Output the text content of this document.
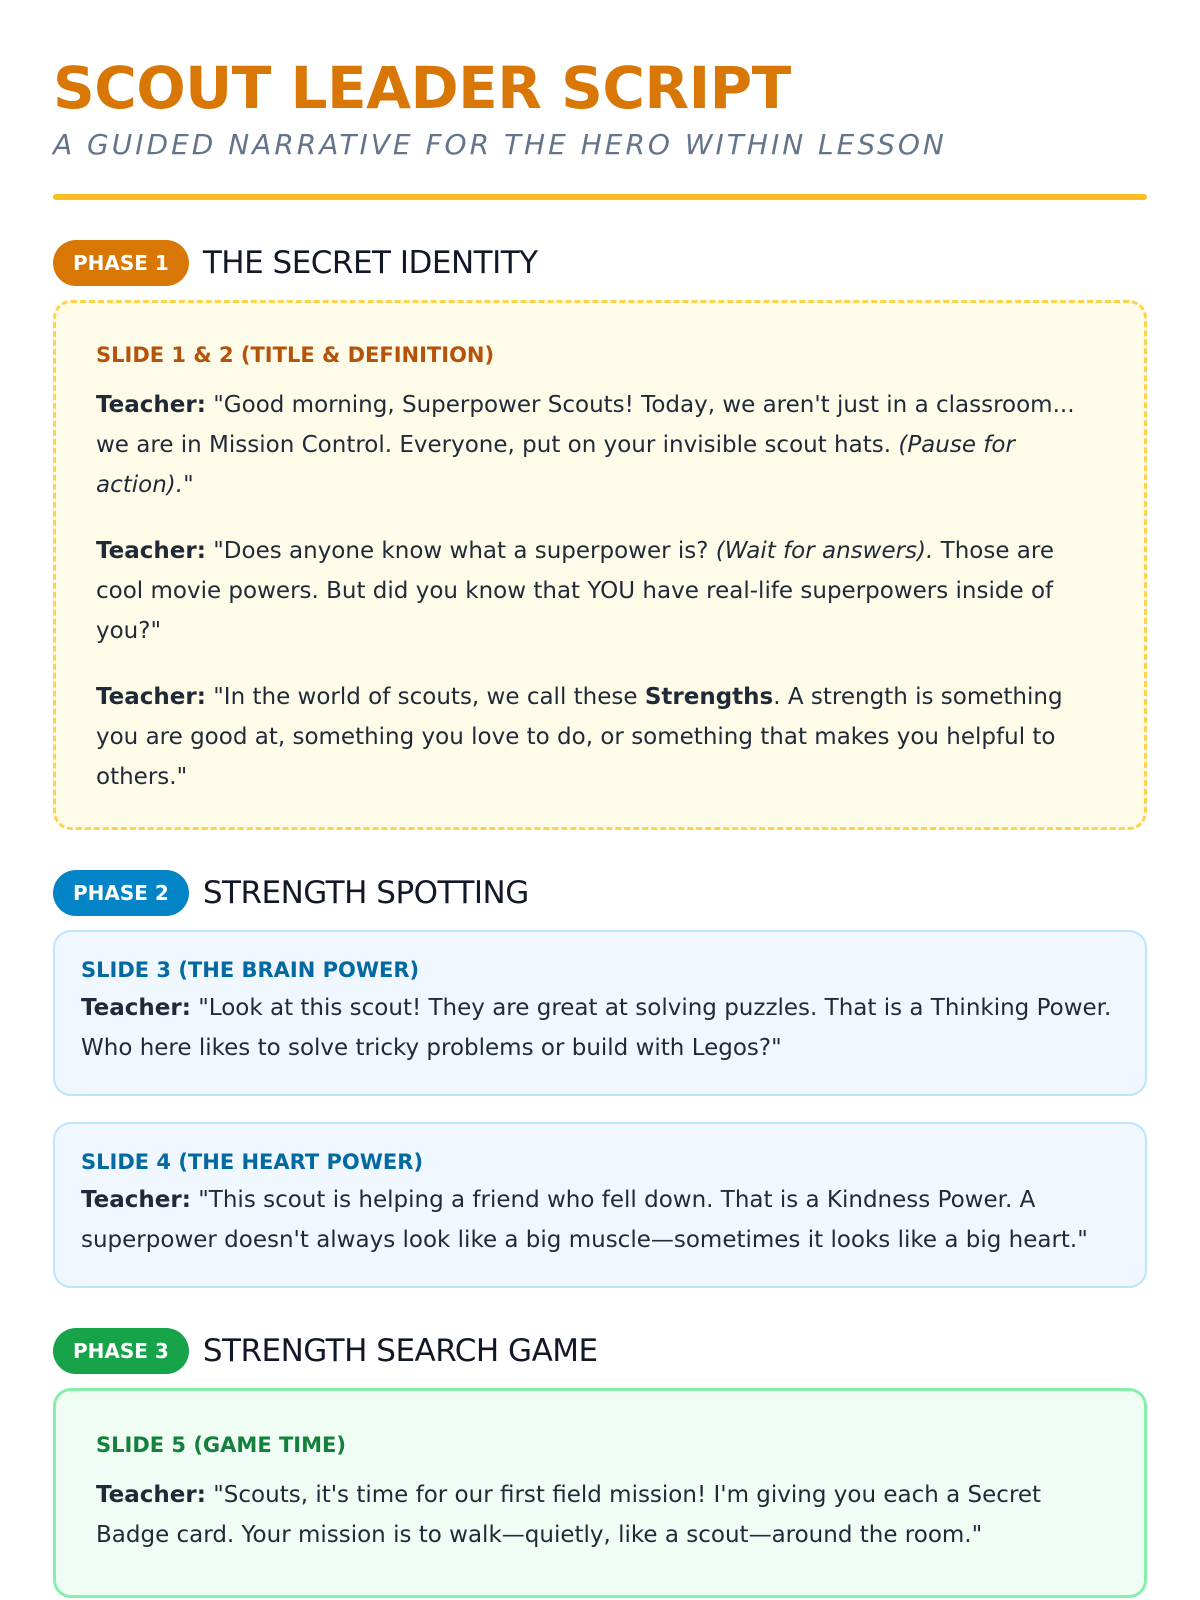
SCOUT LEADER SCRIPT

A GUIDED NARRATIVE FOR THE HERO WITHIN LESSON

PHASE 1	THE SECRET IDENTITY
SLIDE 1 & 2 (TITLE & DEFINITION)

Teacher: "Good morning, Superpower Scouts! Today, we aren't just in a classroom... we are in Mission Control. Everyone, put on your invisible scout hats. (Pause for action)."

Teacher: "Does anyone know what a superpower is? (Wait for answers). Those are cool movie powers. But did you know that YOU have real-life superpowers inside of you?"

Teacher: "In the world of scouts, we call these Strengths. A strength is something you are good at, something you love to do, or something that makes you helpful to others."

PHASE 2	STRENGTH SPOTTING
SLIDE 3 (THE BRAIN POWER)

Teacher: "Look at this scout! They are great at solving puzzles. That is a Thinking Power. Who here likes to solve tricky problems or build with Legos?"

SLIDE 4 (THE HEART POWER)

Teacher: "This scout is helping a friend who fell down. That is a Kindness Power. A superpower doesn't always look like a big muscle—sometimes it looks like a big heart."

PHASE 3	STRENGTH SEARCH GAME
SLIDE 5 (GAME TIME)

Teacher: "Scouts, it's time for our first field mission! I'm giving you each a Secret Badge card. Your mission is to walk—quietly, like a scout—around the room."
